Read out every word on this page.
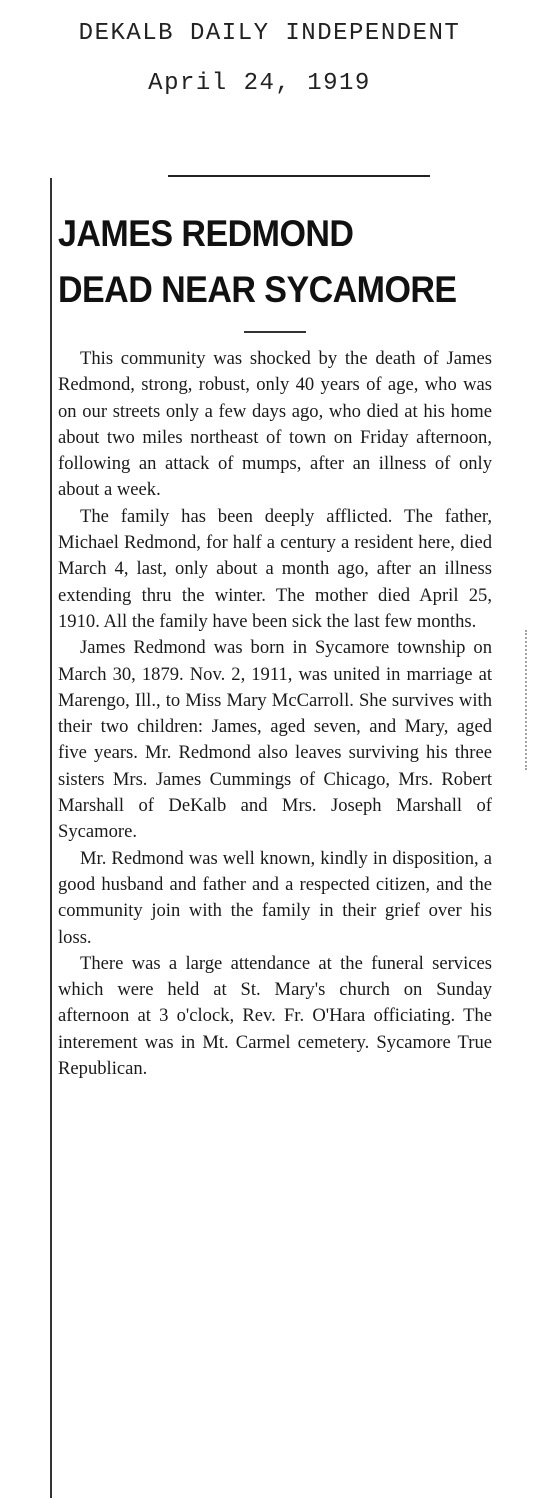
DEKALB DAILY INDEPENDENT
April 24, 1919
JAMES REDMOND
DEAD NEAR SYCAMORE

This community was shocked by the death of James Redmond, strong, robust, only 40 years of age, who was on our streets only a few days ago, who died at his home about two miles northeast of town on Friday afternoon, following an attack of mumps, after an illness of only about a week.

The family has been deeply afflicted. The father, Michael Redmond, for half a century a resident here, died March 4, last, only about a month ago, after an illness extending thru the winter. The mother died April 25, 1910. All the family have been sick the last few months.

James Redmond was born in Sycamore township on March 30, 1879. Nov. 2, 1911, was united in marriage at Marengo, Ill., to Miss Mary McCarroll. She survives with their two children: James, aged seven, and Mary, aged five years. Mr. Redmond also leaves surviving his three sisters Mrs. James Cummings of Chicago, Mrs. Robert Marshall of DeKalb and Mrs. Joseph Marshall of Sycamore.

Mr. Redmond was well known, kindly in disposition, a good husband and father and a respected citizen, and the community join with the family in their grief over his loss.

There was a large attendance at the funeral services which were held at St. Mary's church on Sunday afternoon at 3 o'clock, Rev. Fr. O'Hara officiating. The interement was in Mt. Carmel cemetery. Sycamore True Republican.
